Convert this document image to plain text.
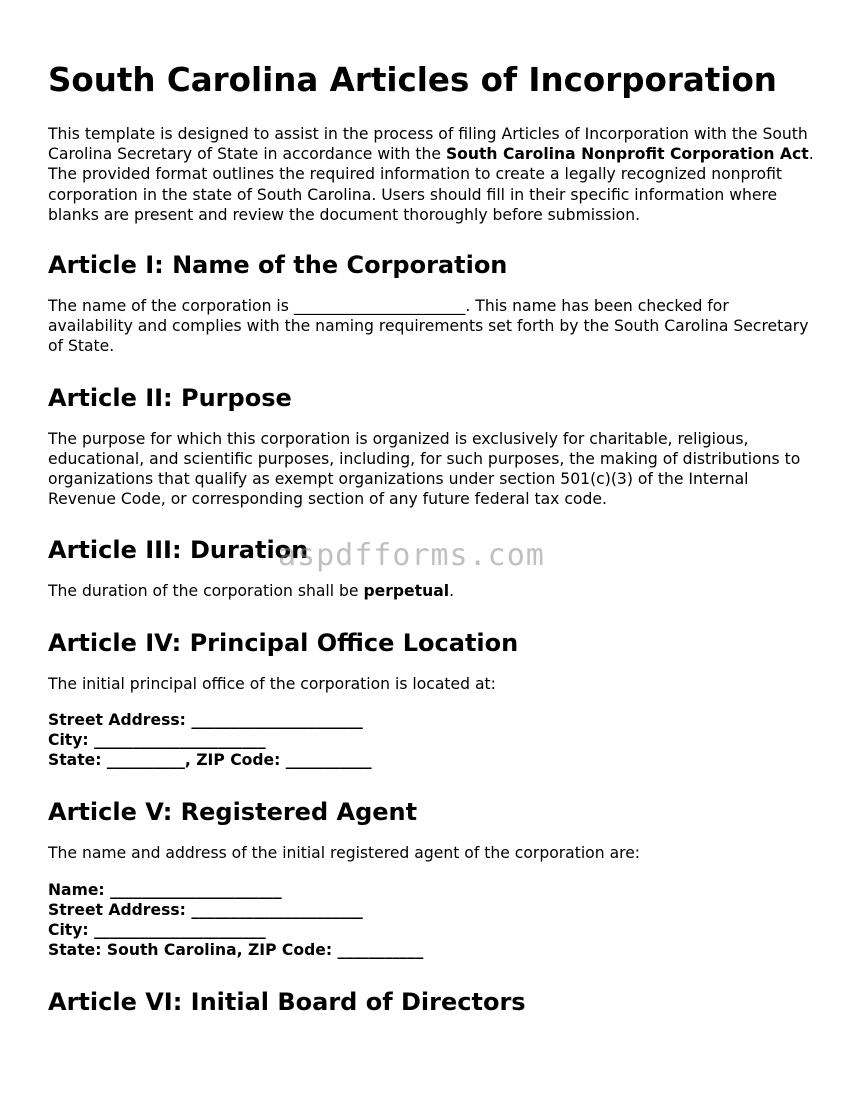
South Carolina Articles of Incorporation

This template is designed to assist in the process of filing Articles of Incorporation with the South Carolina Secretary of State in accordance with the South Carolina Nonprofit Corporation Act. The provided format outlines the required information to create a legally recognized nonprofit corporation in the state of South Carolina. Users should fill in their specific information where blanks are present and review the document thoroughly before submission.

Article I: Name of the Corporation

The name of the corporation is ______________________. This name has been checked for availability and complies with the naming requirements set forth by the South Carolina Secretary of State.

Article II: Purpose

The purpose for which this corporation is organized is exclusively for charitable, religious, educational, and scientific purposes, including, for such purposes, the making of distributions to organizations that qualify as exempt organizations under section 501(c)(3) of the Internal Revenue Code, or corresponding section of any future federal tax code.

Article III: Duration

The duration of the corporation shall be perpetual.

Article IV: Principal Office Location

The initial principal office of the corporation is located at:

Street Address: ______________________
City: ______________________
State: __________, ZIP Code: ___________
Article V: Registered Agent

The name and address of the initial registered agent of the corporation are:

Name: ______________________
Street Address: ______________________
City: ______________________
State: South Carolina, ZIP Code: ___________
Article VI: Initial Board of Directors
aspdfforms.com
